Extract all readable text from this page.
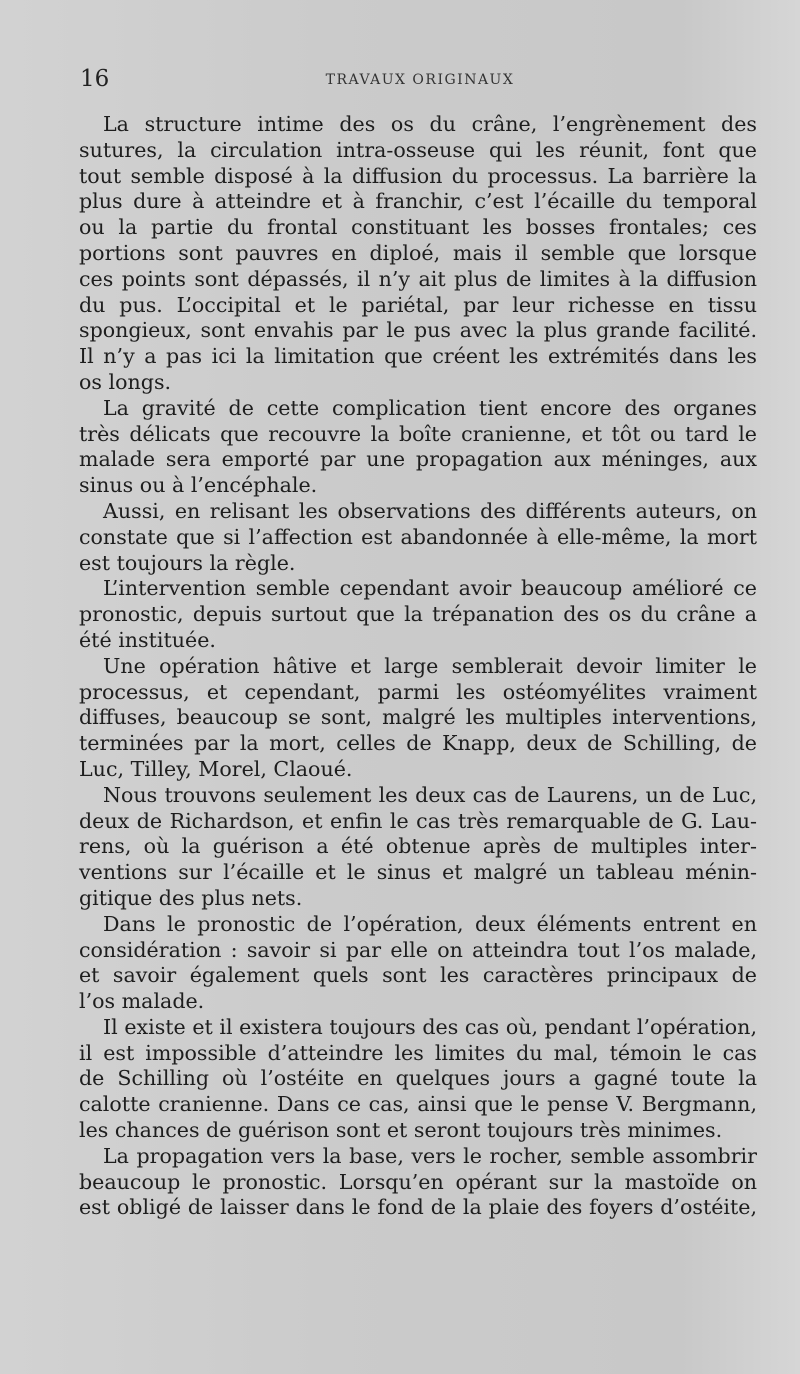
16	TRAVAUX ORIGINAUX
La structure intime des os du crâne, l’engrènement des
sutures, la circulation intra-osseuse qui les réunit, font que
tout semble disposé à la diffusion du processus. La barrière la
plus dure à atteindre et à franchir, c’est l’écaille du temporal
ou la partie du frontal constituant les bosses frontales; ces
portions sont pauvres en diploé, mais il semble que lorsque
ces points sont dépassés, il n’y ait plus de limites à la diffusion
du pus. L’occipital et le pariétal, par leur richesse en tissu
spongieux, sont envahis par le pus avec la plus grande facilité.
Il n’y a pas ici la limitation que créent les extrémités dans les
os longs.
La gravité de cette complication tient encore des organes
très délicats que recouvre la boîte cranienne, et tôt ou tard le
malade sera emporté par une propagation aux méninges, aux
sinus ou à l’encéphale.
Aussi, en relisant les observations des différents auteurs, on
constate que si l’affection est abandonnée à elle-même, la mort
est toujours la règle.
L’intervention semble cependant avoir beaucoup amélioré ce
pronostic, depuis surtout que la trépanation des os du crâne a
été instituée.
Une opération hâtive et large semblerait devoir limiter le
processus, et cependant, parmi les ostéomyélites vraiment
diffuses, beaucoup se sont, malgré les multiples interventions,
terminées par la mort, celles de Knapp, deux de Schilling, de
Luc, Tilley, Morel, Claoué.
Nous trouvons seulement les deux cas de Laurens, un de Luc,
deux de Richardson, et enfin le cas très remarquable de G. Lau-
rens, où la guérison a été obtenue après de multiples inter-
ventions sur l’écaille et le sinus et malgré un tableau ménin-
gitique des plus nets.
Dans le pronostic de l’opération, deux éléments entrent en
considération : savoir si par elle on atteindra tout l’os malade,
et savoir également quels sont les caractères principaux de
l’os malade.
Il existe et il existera toujours des cas où, pendant l’opération,
il est impossible d’atteindre les limites du mal, témoin le cas
de Schilling où l’ostéite en quelques jours a gagné toute la
calotte cranienne. Dans ce cas, ainsi que le pense V. Bergmann,
les chances de guérison sont et seront toujours très minimes.
La propagation vers la base, vers le rocher, semble assombrir
beaucoup le pronostic. Lorsqu’en opérant sur la mastoïde on
est obligé de laisser dans le fond de la plaie des foyers d’ostéite,
